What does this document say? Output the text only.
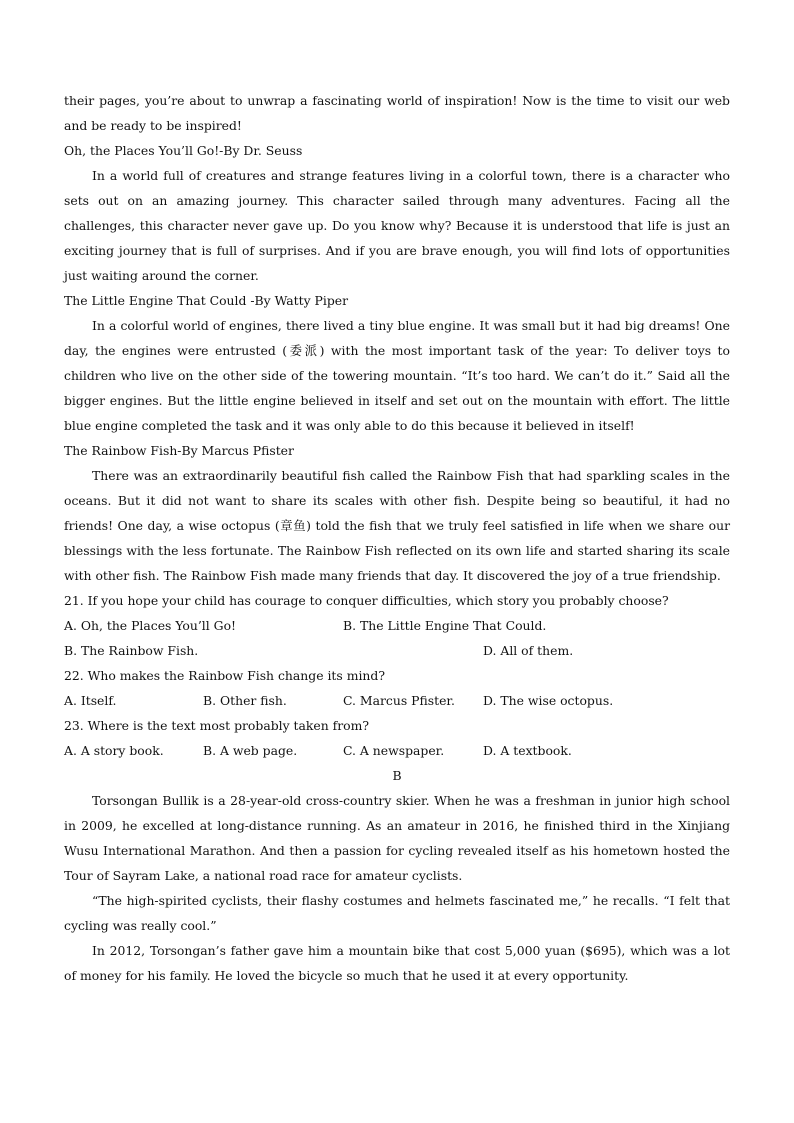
their pages, you’re about to unwrap a fascinating world of inspiration! Now is the time to visit our web and be ready to be inspired!

Oh, the Places You’ll Go!-By Dr. Seuss

In a world full of creatures and strange features living in a colorful town, there is a character who sets out on an amazing journey. This character sailed through many adventures. Facing all the challenges, this character never gave up. Do you know why? Because it is understood that life is just an exciting journey that is full of surprises. And if you are brave enough, you will find lots of opportunities just waiting around the corner.

The Little Engine That Could -By Watty Piper

In a colorful world of engines, there lived a tiny blue engine. It was small but it had big dreams! One day, the engines were entrusted (委派) with the most important task of the year: To deliver toys to children who live on the other side of the towering mountain. “It’s too hard. We can’t do it.” Said all the bigger engines. But the little engine believed in itself and set out on the mountain with effort. The little blue engine completed the task and it was only able to do this because it believed in itself!

The Rainbow Fish-By Marcus Pfister

There was an extraordinarily beautiful fish called the Rainbow Fish that had sparkling scales in the oceans. But it did not want to share its scales with other fish. Despite being so beautiful, it had no friends! One day, a wise octopus (章鱼) told the fish that we truly feel satisfied in life when we share our blessings with the less fortunate. The Rainbow Fish reflected on its own life and started sharing its scale with other fish. The Rainbow Fish made many friends that day. It discovered the joy of a true friendship.

21. If you hope your child has courage to conquer difficulties, which story you probably choose?

A. Oh, the Places You’ll Go!	B. The Little Engine That Could.
B. The Rainbow Fish.	D. All of them.

22. Who makes the Rainbow Fish change its mind?

A. Itself.	B. Other fish.	C. Marcus Pfister. D. The wise octopus.

23. Where is the text most probably taken from?

A. A story book.	B. A web page.	C. A newspaper.	D. A textbook.

B

Torsongan Bullik is a 28-year-old cross-country skier. When he was a freshman in junior high school in 2009, he excelled at long-distance running. As an amateur in 2016, he finished third in the Xinjiang Wusu International Marathon. And then a passion for cycling revealed itself as his hometown hosted the Tour of Sayram Lake, a national road race for amateur cyclists.

“The high-spirited cyclists, their flashy costumes and helmets fascinated me,” he recalls. “I felt that cycling was really cool.”

In 2012, Torsongan’s father gave him a mountain bike that cost 5,000 yuan ($695), which was a lot of money for his family. He loved the bicycle so much that he used it at every opportunity.
